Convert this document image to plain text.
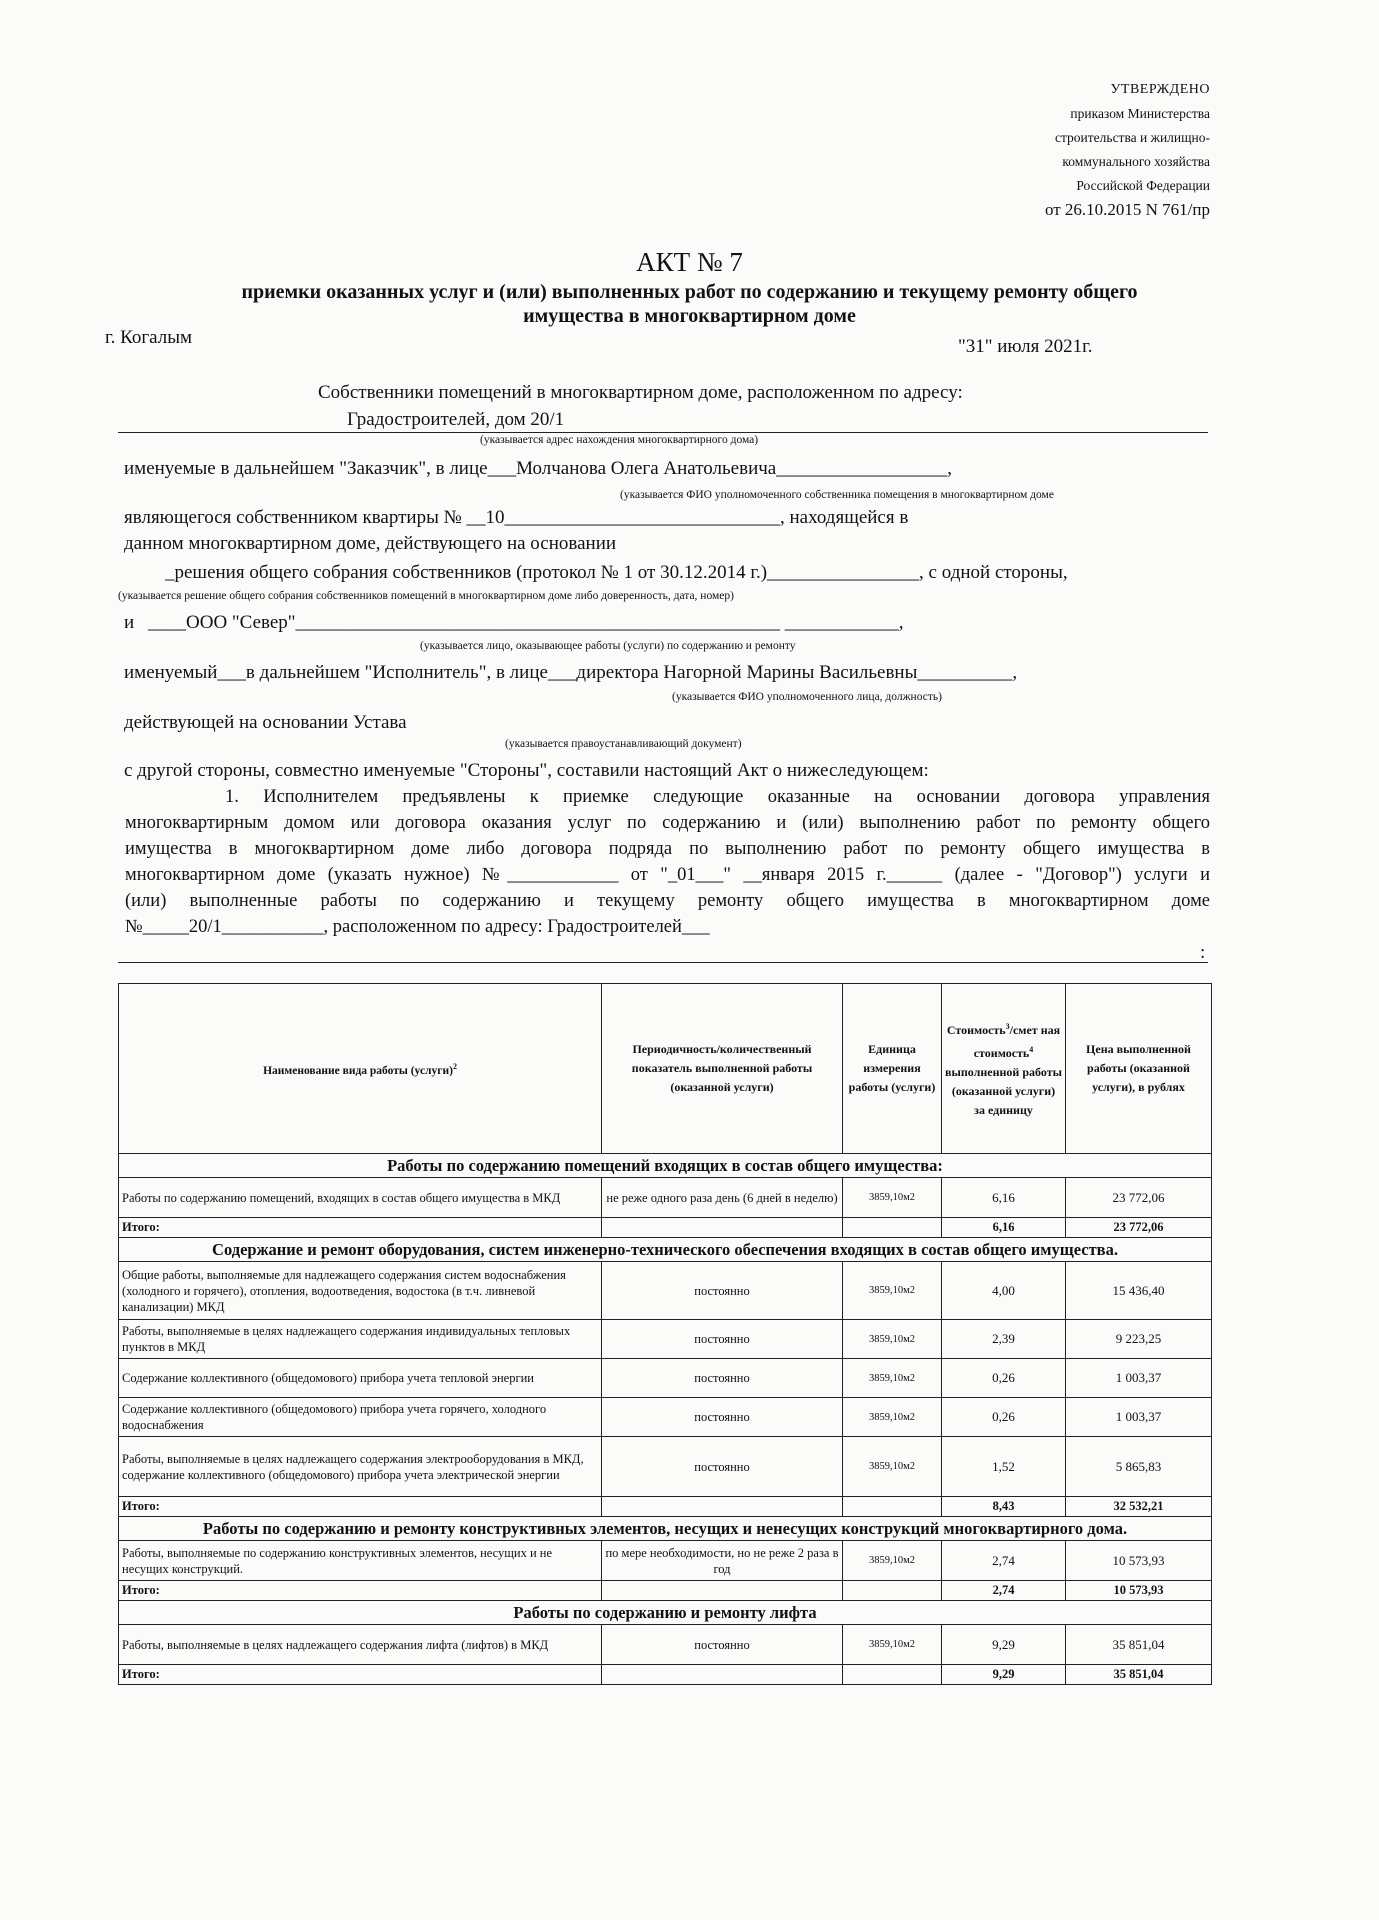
УТВЕРЖДЕНО
приказом Министерства
строительства и жилищно-
коммунального хозяйства
Российской Федерации
от 26.10.2015 N 761/пр
АКТ № 7
приемки оказанных услуг и (или) выполненных работ по содержанию и текущему ремонту общего
имущества в многоквартирном доме
г. Когалым	"31" июля 2021г.
Собственники помещений в многоквартирном доме, расположенном по адресу:
Градостроителей, дом 20/1
(указывается адрес нахождения многоквартирного дома)
именуемые в дальнейшем "Заказчик", в лице___Молчанова Олега Анатольевича__________________,
(указывается ФИО уполномоченного собственника помещения в многоквартирном доме
являющегося собственником квартиры № __10_____________________________, находящейся в
данном многоквартирном доме, действующего на основании
_решения общего собрания собственников (протокол № 1 от 30.12.2014 г.)________________, с одной стороны,
(указывается решение общего собрания собственников помещений в многоквартирном доме либо доверенность, дата, номер)
и ____ООО "Север"___________________________________________________ ____________,
(указывается лицо, оказывающее работы (услуги) по содержанию и ремонту
именуемый___в дальнейшем "Исполнитель", в лице___директора Нагорной Марины Васильевны__________,
(указывается ФИО уполномоченного лица, должность)
действующей на основании Устава
(указывается правоустанавливающий документ)
с другой стороны, совместно именуемые "Стороны", составили настоящий Акт о нижеследующем:
1. Исполнителем предъявлены к приемке следующие оказанные на основании договора управления
многоквартирным домом или договора оказания услуг по содержанию и (или) выполнению работ по ремонту общего
имущества в многоквартирном доме либо договора подряда по выполнению работ по ремонту общего имущества в
многоквартирном доме (указать нужное) №____________ от "_01___" __января 2015 г.______ (далее - "Договор") услуги и
(или) выполненные работы по содержанию и текущему ремонту общего имущества в многоквартирном доме
№_____20/1___________, расположенном по адресу: Градостроителей___
:
Наименование вида работы (услуги)$^2$	Периодичность/количественный показатель выполненной работы (оказанной услуги)	Единица измерения работы (услуги)	Стоимость$^3$/смет ная стоимость$^4$ выполненной работы (оказанной услуги) за единицу	Цена выполненной работы (оказанной услуги), в рублях
Работы по содержанию помещений входящих в состав общего имущества:				
Работы по содержанию помещений, входящих в состав общего имущества в МКД	не реже одного раза день (6 дней в неделю)	3859,10м2	6,16	23 772,06
Итого:			6,16	23 772,06
Содержание и ремонт оборудования, систем инженерно-технического обеспечения входящих в состав общего имущества.				
Общие работы, выполняемые для надлежащего содержания систем водоснабжения (холодного и горячего), отопления, водоотведения, водостока (в т.ч. ливневой канализации) МКД	постоянно	3859,10м2	4,00	15 436,40
Работы, выполняемые в целях надлежащего содержания индивидуальных тепловых пунктов в МКД	постоянно	3859,10м2	2,39	9 223,25
Содержание коллективного (общедомового) прибора учета тепловой энергии	постоянно	3859,10м2	0,26	1 003,37
Содержание коллективного (общедомового) прибора учета горячего, холодного водоснабжения	постоянно	3859,10м2	0,26	1 003,37
Работы, выполняемые в целях надлежащего содержания электрооборудования в МКД, содержание коллективного (общедомового) прибора учета электрической энергии	постоянно	3859,10м2	1,52	5 865,83
Итого:			8,43	32 532,21
Работы по содержанию и ремонту конструктивных элементов, несущих и ненесущих конструкций многоквартирного дома.				
Работы, выполняемые по содержанию конструктивных элементов, несущих и не несущих конструкций.	по мере необходимости, но не реже 2 раза в год	3859,10м2	2,74	10 573,93
Итого:			2,74	10 573,93
Работы по содержанию и ремонту лифта				
Работы, выполняемые в целях надлежащего содержания лифта (лифтов) в МКД	постоянно	3859,10м2	9,29	35 851,04
Итого:			9,29	35 851,04
